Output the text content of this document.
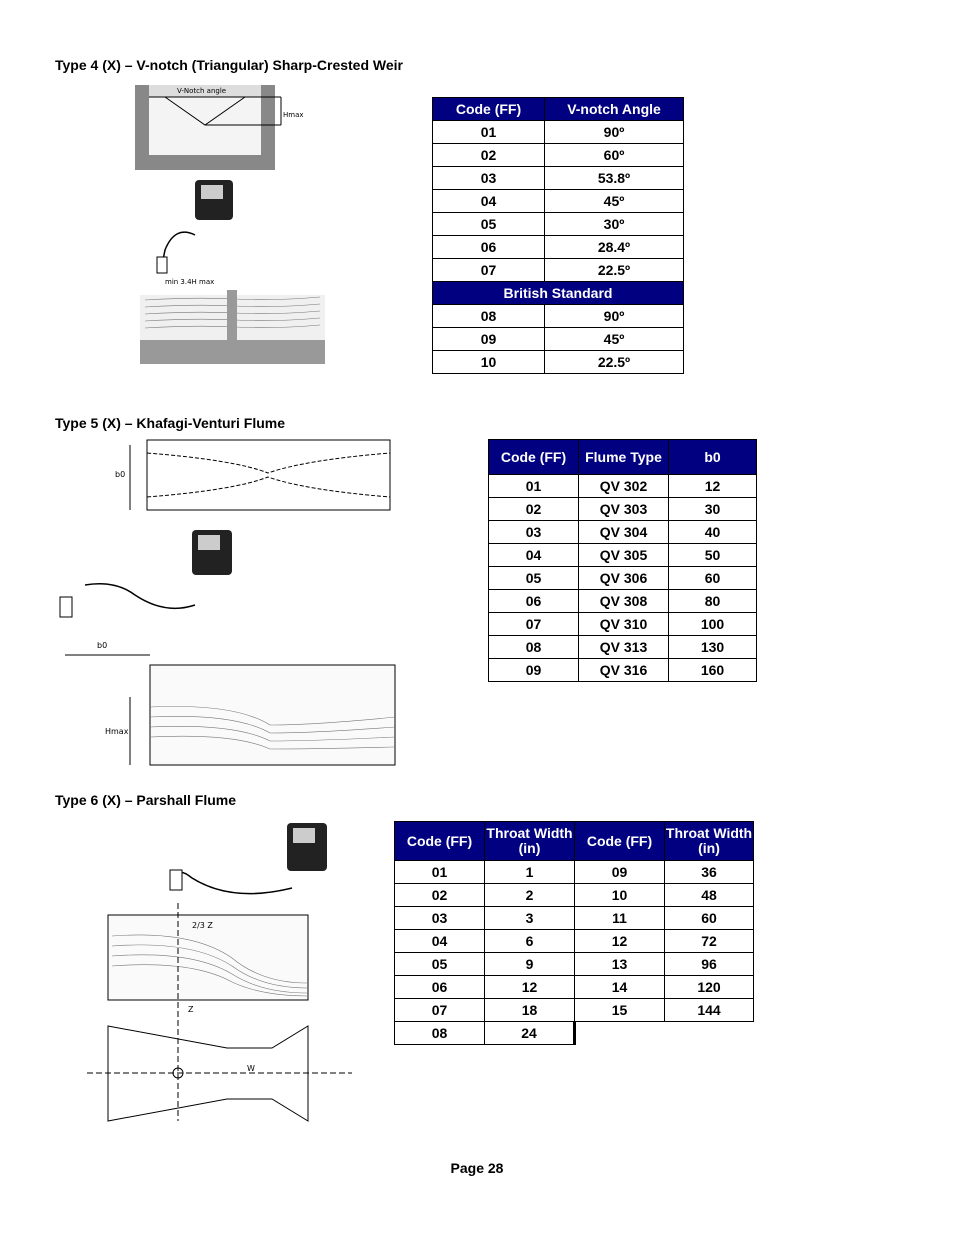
Type 4 (X) – V-notch (Triangular) Sharp-Crested Weir
V-Notch angle
Hmax
min 3.4H max
Code (FF)	V-notch Angle
01	90º
02	60º
03	53.8º
04	45º
05	30º
06	28.4º
07	22.5º
British Standard	
08	90º
09	45º
10	22.5º
Type 5 (X) – Khafagi-Venturi Flume
b0
b0
Hmax
Code (FF)	Flume Type	b0
01	QV 302	12
02	QV 303	30
03	QV 304	40
04	QV 305	50
05	QV 306	60
06	QV 308	80
07	QV 310	100
08	QV 313	130
09	QV 316	160
Type 6 (X) – Parshall Flume
2/3 Z
Z
W
Code (FF)	Throat Width (in)	Code (FF)	Throat Width (in)
01	1	09	36
02	2	10	48
03	3	11	60
04	6	12	72
05	9	13	96
06	12	14	120
07	18	15	144
08	24		
Page 28
